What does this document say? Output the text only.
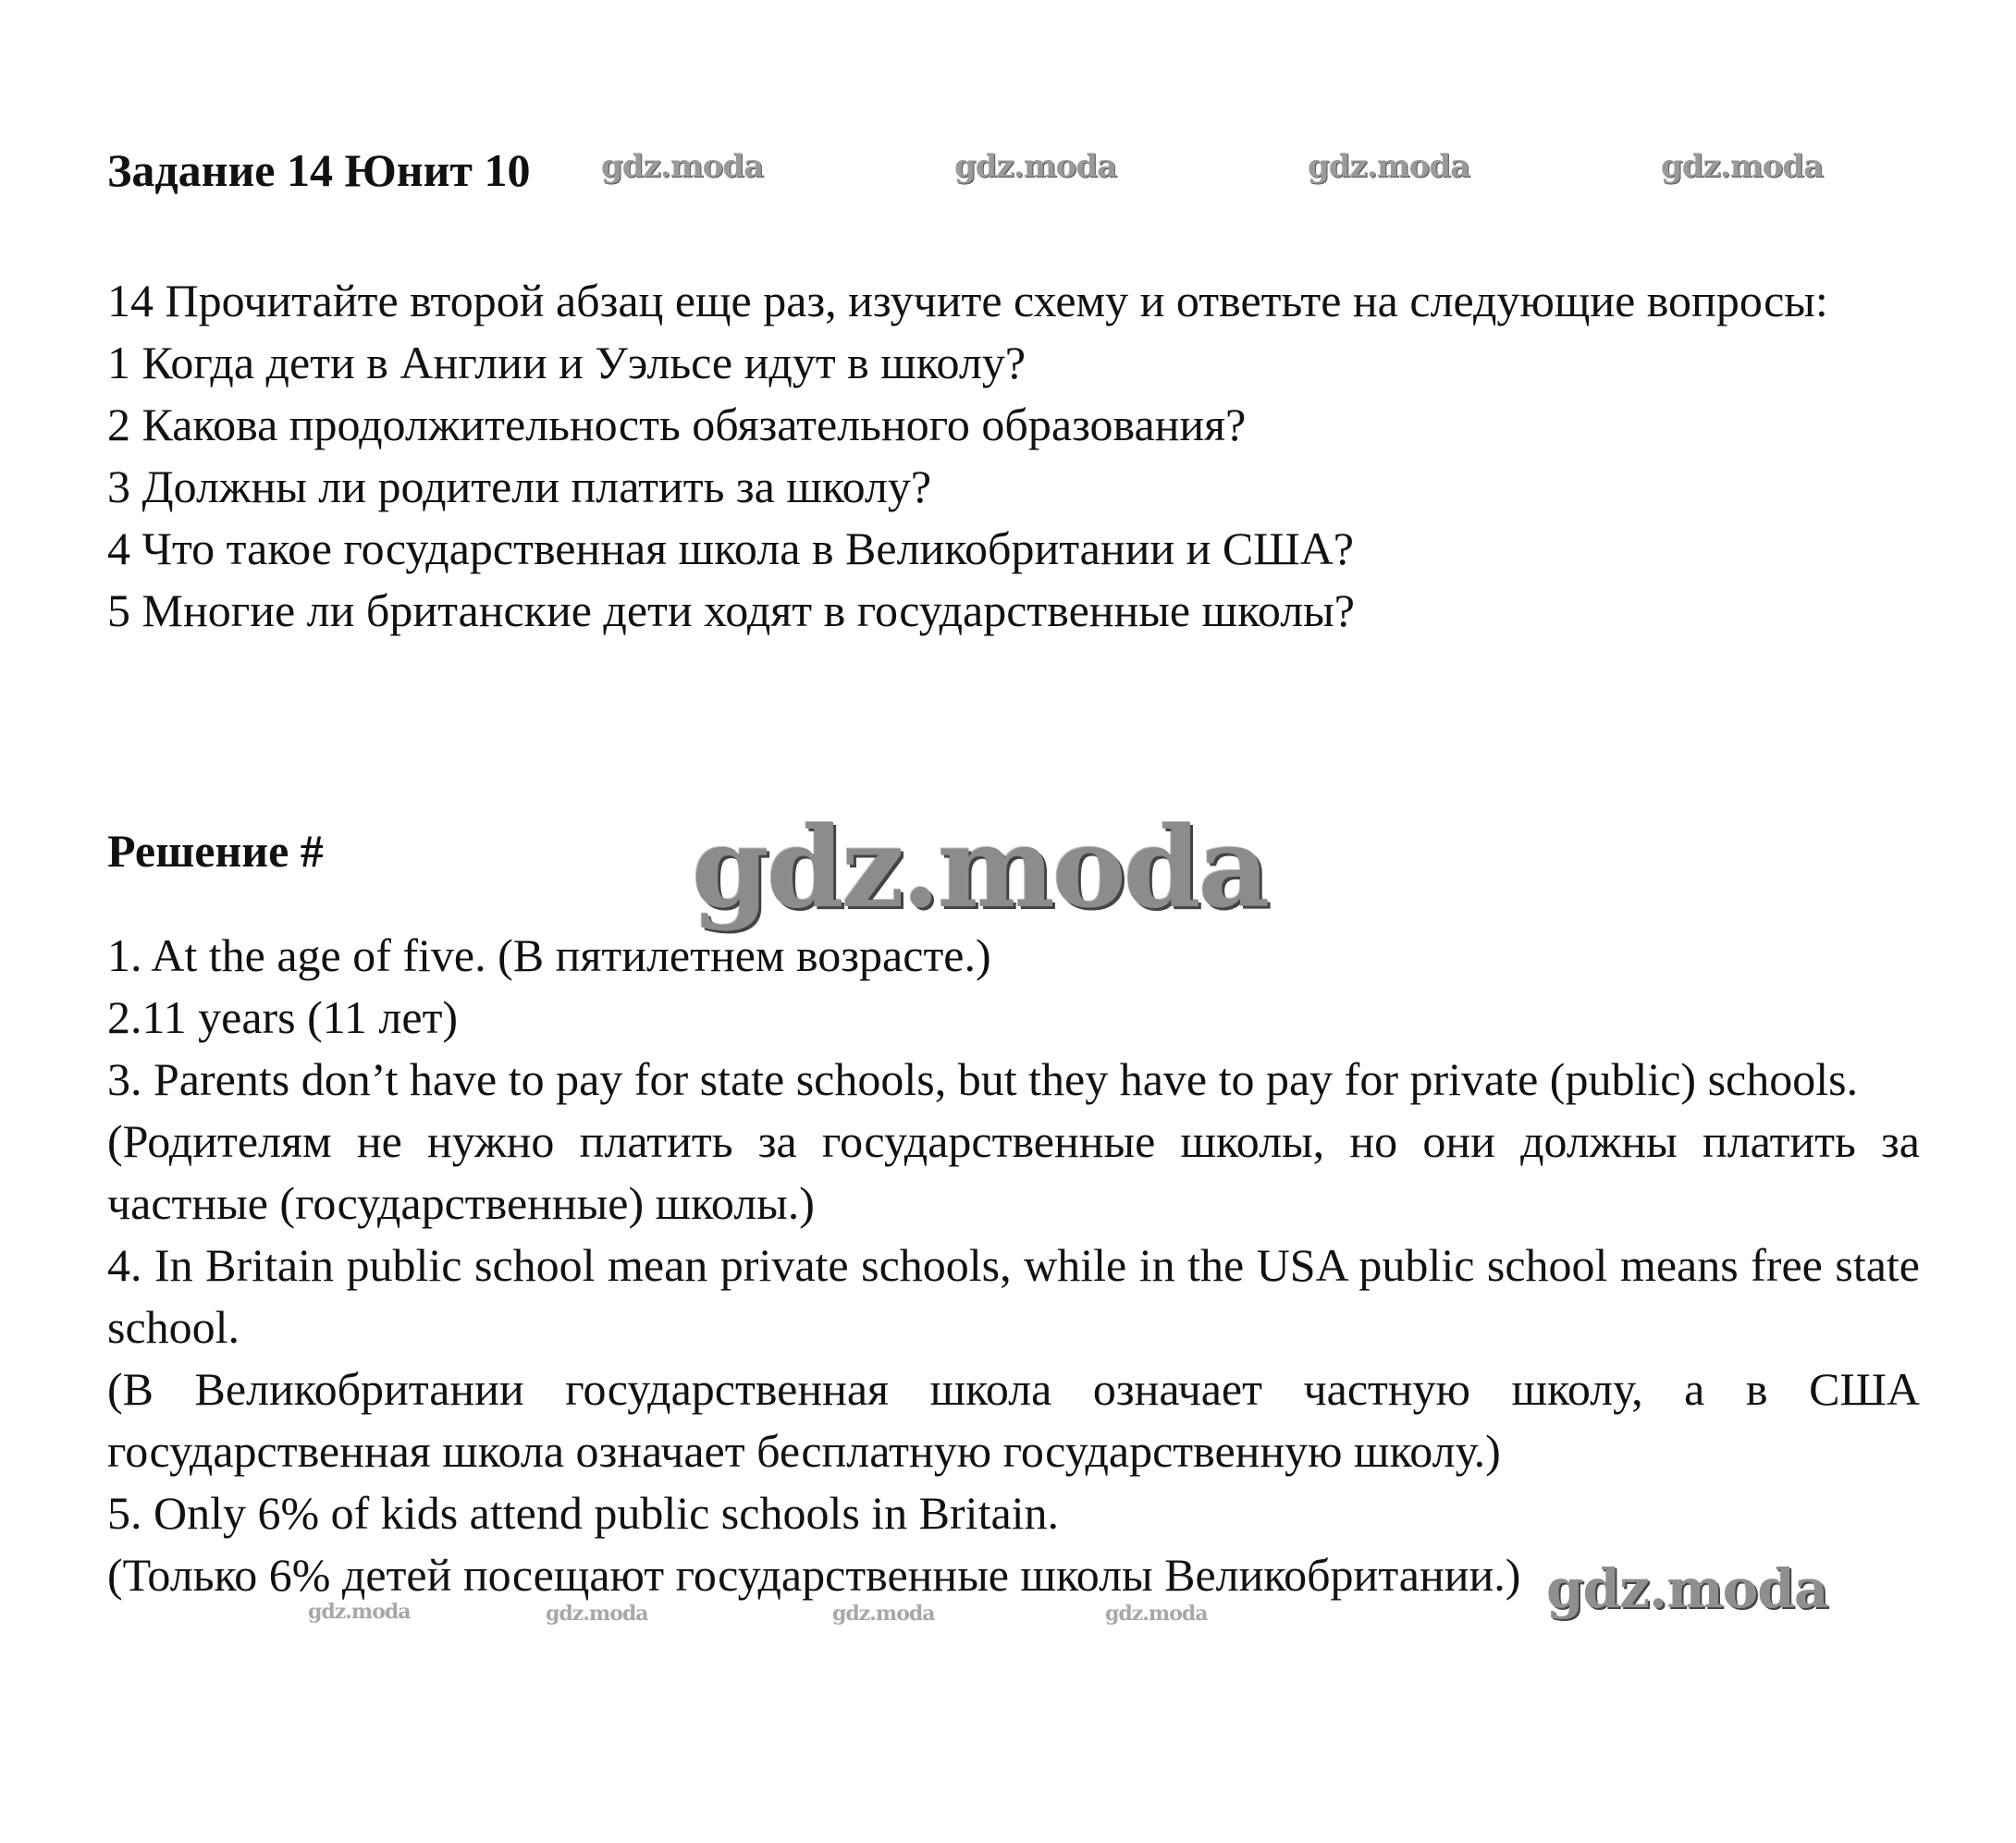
Задание 14 Юнит 10 gdz.moda	gdz.moda	gdz.moda	gdz.moda

14 Прочитайте второй абзац еще раз, изучите схему и ответьте на следующие вопросы:

1 Когда дети в Англии и Уэльсе идут в школу?

2 Какова продолжительность обязательного образования?

3 Должны ли родители платить за школу?

4 Что такое государственная школа в Великобритании и США?

5 Многие ли британские дети ходят в государственные школы?

Решение #	gdz.moda

1. At the age of five. (В пятилетнем возрасте.)

2.11 years (11 лет)

3. Parents don’t have to pay for state schools, but they have to pay for private (public) schools.

(Родителям не нужно платить за государственные школы, но они должны платить за частные (государственные) школы.)

4. In Britain public school mean private schools, while in the USA public school means free state school.

(В Великобритании государственная школа означает частную школу, а в США государственная школа означает бесплатную государственную школу.)

5. Only 6% of kids attend public schools in Britain.

(Только 6% детей посещают государственные школы Великобритании.) gdz.moda
gdz.moda	gdz.moda	gdz.moda	gdz.moda
